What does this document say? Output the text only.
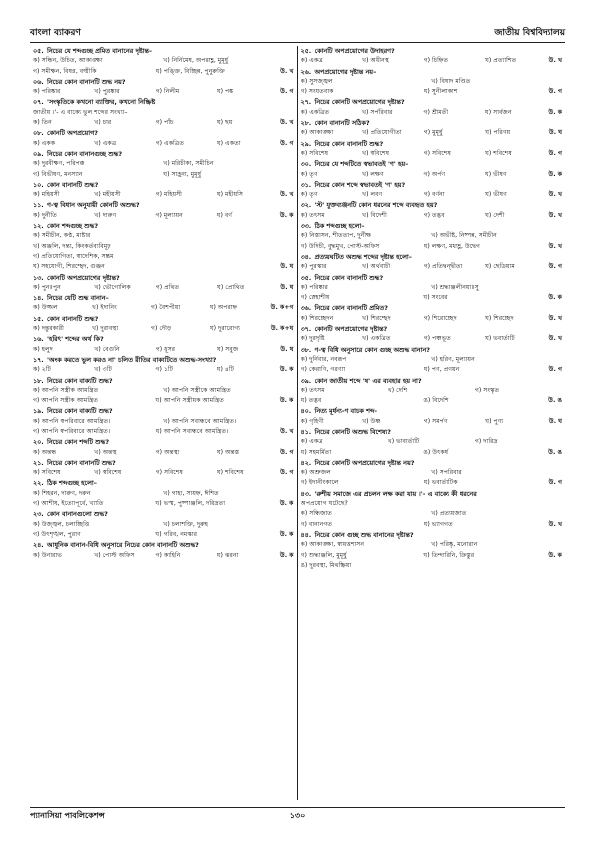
বাংলা ব্যাকরণ	জাতীয় বিশ্ববিদ্যালয়
০৫. নিচের যে শব্দগুচ্ছ প্রমিত বানানের দৃষ্টান্ত–
ক) সন্ধিন, উচিত, আকাঙ্ক্ষা	খ) নির্নিমেষ, অপরাহ্ণ, মুমূর্ষু
গ) সমীক্ষন, বিষণ্ণ, বল্মীকি	ঘ) পঙ্ক্তি, বিচ্ছিন্ন, পুনুরুক্তি	উ. খ
০৬. নিচের কোন বানানটি শুদ্ধ নয়?
ক) পরিষ্কার	খ) পুরষ্কার	গ) নিলীম	ঘ) পঙ্ক	উ. গ
০৭. 'সংস্কৃতিকে কখনো ব্যাক্তির, কখনো নিষ্ক্রিষ্ট
জাতীয় ।'- এ বাক্যে ভুল শব্দের সংখ্যা–
ক) তিন	খ) চার	গ) পাঁচ	ঘ) ছয়	উ. খ
০৮. কোনটি অপপ্রয়োগ?
ক) একক	খ) একত্র	গ) একত্রিত	ঘ) একতা	উ. গ
০৯. নিচের কোন বানানগুচ্ছ শুদ্ধ?
ক) দুরবীক্ষণ, পরিপক্ক	খ) মরিচীকা, সমীচিন
গ) বিভীষণ, মনস্যান	ঘ) সাহ্রনা, মুমূর্ষু
১০. কোন বানানটি শুদ্ধ?
ক) মহিয়সী	খ) মহীয়সী	গ) মহিয়সী	ঘ) মহীয়সি	উ. খ
১১. ণ-ত্ব বিধান অনুযায়ী কোনটি অশুদ্ধ?
ক) দুর্নীতি	খ) দারুণ	গ) মূল্যায়ন	ঘ) বর্ণ	উ. ক
১২. কোন শব্দগুচ্ছ শুদ্ধ?
ক) সমীচীন, কণ্ঠ, মাষ্টার
খ) অঞ্জলি, দন্ত্য, কিংকর্তব্যবিমূঢ়
গ) প্রতিযোগিতা, স্বাদেশিক, সম্ভ্রম
ঘ) সহযোগী, শিরশ্ছেদ, গুঞ্জন	উ. ঘ
১৩. কোনটি অপপ্রয়োগের দৃষ্টান্ত?
ক) পুনঃপুন	খ) ভৌগোলিক	গ) প্রথিত	ঘ) প্রোথিত	উ. ঘ
১৪. নিচের যেটি শুদ্ধ বানান–
ক) উজ্জল	খ) ইদানিং	গ) বৈশপীয়া	ঘ) অপরাহ্ন	উ. ক+গ
১৫. কোন বানানটি শুদ্ধ?
ক) দন্তুরকারী	খ) দুরাবস্থা	গ) দৌড়	ঘ) দুরারোগ্য	উ. ক+ঘ
১৬. 'হরিৎ' শব্দের অর্থ কি?
ক) হলুদ	খ) বেগুনি	গ) ধূসর	ঘ) সবুজ	উ. ঘ
১৭. 'অংক করতে ভুল করও না' চলিত রীতির বাক্যটিতে অশুদ্ধ-সংখ্যা?
ক) ২টি	খ) ৩টি	গ) ১টি	ঘ) ৪টি	উ. ক
১৮. নিচের কোন বাক্যটি শুদ্ধ?
ক) আপনি সস্ত্রীক আমন্ত্রিত	খ) আপনি সস্ত্রীকে আমন্ত্রিত
গ) আপনি সস্ত্রীক আমন্ত্রিত	ঘ) আপনি সস্ত্রীয়ক আমন্ত্রিত	উ. ক
১৯. নিচের কোন বাক্যটি শুদ্ধ?
ক) আপনি স্বপরিবারে আমন্ত্রিত।	খ) আপনি সবান্ধবে আমন্ত্রিত।
গ) আপনি স্বপরিবারে আমন্ত্রিত।	ঘ) আপনি সবান্ধবে আমন্ত্রিত।	উ. খ
২০. নিচের কোন শব্দটি শুদ্ধ?
ক) অন্তন্ধ	খ) অন্তস্থ	গ) অন্তস্থ্য	ঘ) অন্তস্ত	উ. গ
২১. নিচের কোন বানানটি শুদ্ধ?
ক) সবিশেষ	খ) স্ববিশেষ	গ) সবিশেষ	ঘ) শবিশেষ	উ. গ
২২. ঠিক শব্দগুচ্ছ হলো–
ক) শিহরন, দারুণ, দরুন	খ) গাহ্য, সায়হ্ন, ঈশিত
গ) আশীষ, ইত্যোপূর্বে, খ্যাতি	ঘ) ভস্ম, পুষ্পাঞ্জলি, দরিদ্রতা	উ. ক
২৩. কোন বানানগুলো শুদ্ধ?
ক) উজ্জ্বল, চলাচ্ছিত্তি	খ) চলাশক্তি, দুরুহ
গ) উৎশৃঙ্খল, পুরাণ	ঘ) গরিব, নমস্কার	উ. ক
২৪. আধুনিক বানান-বিধি অনুসারে নিচের কোন বানানটি অশুদ্ধ?
ক) উনারাভ	খ) পোস্ট অফিস	গ) কাহিনি	ঘ) ঝরনা	উ. ক
২৫. কোনটি অপপ্রয়োগের উদাহরণ?
ক) একত্র	খ) অধীনস্থ	গ) চিহ্নিত	ঘ) প্রত্যাশিত	উ. খ
২৬. অপপ্রয়োগের দৃষ্টান্ত নয়–
ক) সুসজ্জ্বল	খ) বিষাদ মণ্ডিত
গ) সংযতবাক	ঘ) সুনীলাকাশ	উ. গ
২৭. নিচের কোনটি অপপ্রয়োগের দৃষ্টান্ত?
ক) একত্রিত	খ) সর্পরিবার	গ) শ্রীমতী	ঘ) সার্বজন	উ. ক
২৮. কোন বানানটি সঠিক?
ক) আকাঙ্ক্ষা	খ) প্রতিযোগীতা	গ) মুমূর্ষু	ঘ) পরিণয়	উ. ঘ
২৯. নিচের কোন বানানটি শুদ্ধ?
ক) সবিশেষ	খ) স্ববিশেষ	গ) সবিশেষ	ঘ) শবিশেষ	উ. গ
৩০. নিচের যে শব্দটিতে স্বভাবতই 'ণ' হয়–
ক) তৃণ	খ) লক্ষণ	গ) অর্পণ	ঘ) ভীষণ	উ. ক
৩১. নিচের কোন শব্দে স্বভাবতই 'ণ' হয়?
ক) তৃণ	খ) লবণ	গ) বর্ণনা	ঘ) ভীষণ	উ. খ
৩২. 'স্ট' যুক্তব্যঞ্জনটি কোন ধরনের শব্দে ব্যবহৃত হয়?
ক) তৎসম	খ) বিদেশী	গ) তদ্ভব	ঘ) দেশী	উ. খ
৩৩. ঠিক শব্দগুচ্ছ হলো–
ক) নিস্তাসন, শীততাপ, দুর্নীক্ষ	খ) অভীষ্ট, নিষ্পন্ন, সমীচীন
গ) উদিচী, বুদ্ধমুখ, পোস্ট-অফিস	ঘ) লক্ষণ, মধ্যহ্ণ, উদ্বেগ	উ. খ
৩৪. প্রত্যয়ঘটিত অশুদ্ধ শব্দের দৃষ্টান্ত হলো–
ক) পুরস্কার	খ) অর্থবাচী	গ) প্রতিদ্বন্দ্বীতা	ঘ) ছেডিয়াম	উ. গ
৩৫. নিচের কোন বানানটি শুদ্ধ?
ক) পরিষ্কার	খ) শ্রদ্ধাঞ্জলীনয়াঃসু
গ) স্নেহাশীষ	ঘ) সংবের	উ. ক
৩৬. নিচের কোন বানানটি প্রমিত?
ক) শিরচ্ছেদন	খ) শিরশ্ছেদ	গ) শিরোচ্ছেদ	ঘ) শিরচ্ছেদ	উ. খ
৩৭. কোনটি অপপ্রয়োগের দৃষ্টান্ত?
ক) দুরদৃষ্টি	খ) একত্রিত	গ) পঞ্চভূত	ঘ) ভবার্তাটি	উ. খ
৩৮. ণ-ত্ব বিধি অনুসারে কোন গুচ্ছ অশুদ্ধ বানান?
ক) দুর্নিবার, নবরূপ	খ) হরিণ, মূল্যায়ন
গ) কেরাণি, গরণ্যা	ঘ) পণ, প্রণয়ন	উ. গ
৩৯. কোন জাতীয় শব্দে 'ষ' এর ব্যবহার হয় না?
ক) তৎসম	খ) দেশি	গ) সংস্কৃত
ঘ) তদ্ভব	ঙ) বিদেশি	উ. ঙ
৪০. নিত্য মূর্ধন্য-ণ বাচক শব্দ-
ক) গৃহিণী	খ) উষ্ণ	গ) সমর্পণ	ঘ) পুণ্য	উ. ঘ
৪১. নিচের কোনটি অশুদ্ধ বিশেষ্য?
ক) একত্র	খ) ভাবার্তাটি	গ) দারিদ্র
ঘ) সহমর্মিতা	ঙ) উৎকর্ষ	উ. ঙ
৪২. নিচের কোনটি অপপ্রয়োগের দৃষ্টান্ত নয়?
ক) অশ্রুজল	খ) সপরিবার
গ) ইদানীংকালে	ঘ) ভবার্তাটিক	উ. গ
৪৩. 'রুশীয় সমাজে এর প্রচলন লক্ষ করা যায় ।'- এ বাক্যে কী ধরনের
অপপ্রয়োগ ঘটেছে?
ক) সন্ধিজাত	খ) প্রত্যয়জাত
গ) বানানগত	ঘ) ভ্যাগগত	উ. খ
৪৪. নিচের কোন গুচ্ছ শুদ্ধ বানানের দৃষ্টান্ত?
ক) আকাঙ্ক্ষা, স্বায়ত্তশাসন	খ) পরিষ্কৃ, মনোরান
গ) শুদ্ধাঞ্জলি, মুমূর্ষু	ঘ) তিন্দারিনি, ক্রিস্তুর	উ. ক
ঙ) দুরবস্থা, মিথষ্ক্রিয়া
প্যানাসিয়া পাবলিকেশন্স	১৩০
